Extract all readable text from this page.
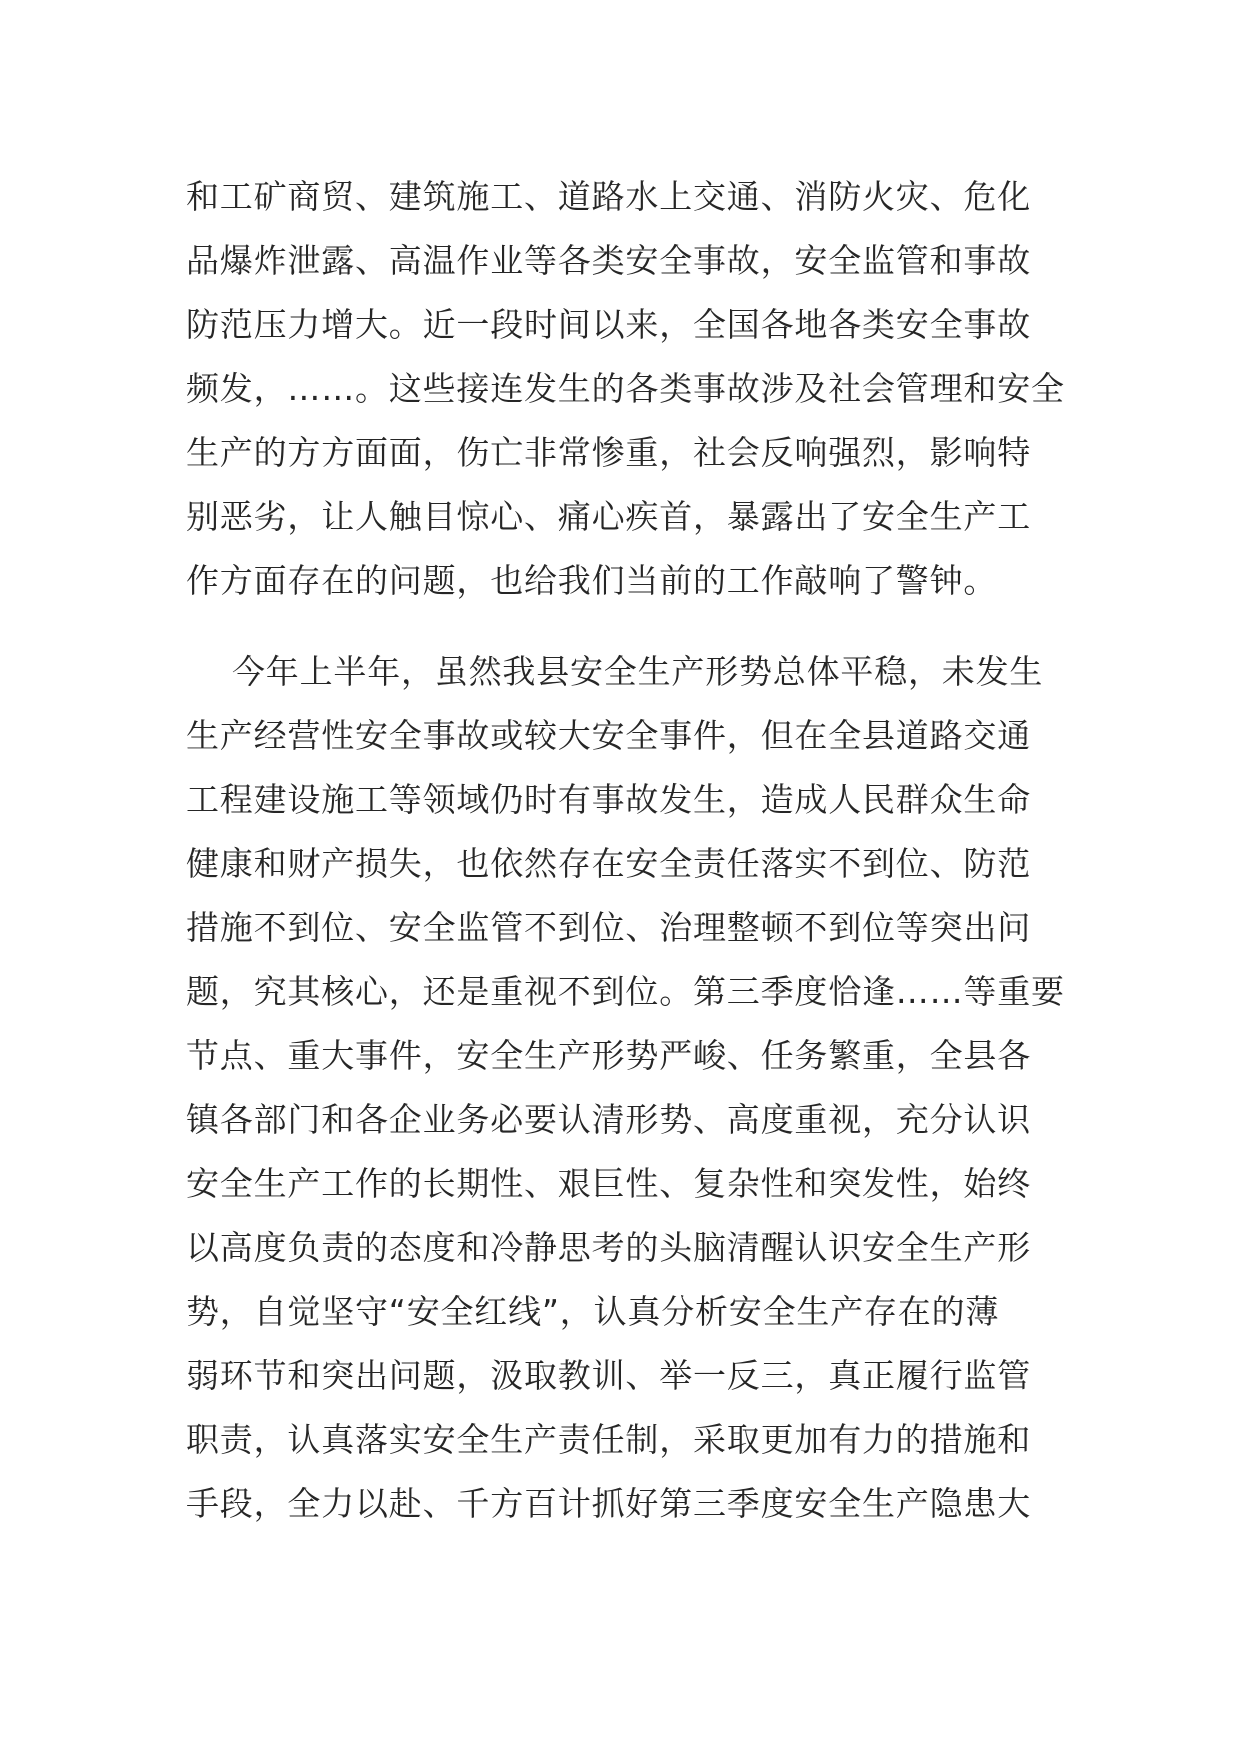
和工矿商贸、建筑施工、道路水上交通、消防火灾、危化
品爆炸泄露、高温作业等各类安全事故，安全监管和事故
防范压力增大。近一段时间以来，全国各地各类安全事故
频发，……。这些接连发生的各类事故涉及社会管理和安全
生产的方方面面，伤亡非常惨重，社会反响强烈，影响特
别恶劣，让人触目惊心、痛心疾首，暴露出了安全生产工
作方面存在的问题，也给我们当前的工作敲响了警钟。
今年上半年，虽然我县安全生产形势总体平稳，未发生
生产经营性安全事故或较大安全事件，但在全县道路交通
工程建设施工等领域仍时有事故发生，造成人民群众生命
健康和财产损失，也依然存在安全责任落实不到位、防范
措施不到位、安全监管不到位、治理整顿不到位等突出问
题，究其核心，还是重视不到位。第三季度恰逢……等重要
节点、重大事件，安全生产形势严峻、任务繁重，全县各
镇各部门和各企业务必要认清形势、高度重视，充分认识
安全生产工作的长期性、艰巨性、复杂性和突发性，始终
以高度负责的态度和冷静思考的头脑清醒认识安全生产形
势，自觉坚守“安全红线”，认真分析安全生产存在的薄
弱环节和突出问题，汲取教训、举一反三，真正履行监管
职责，认真落实安全生产责任制，采取更加有力的措施和
手段，全力以赴、千方百计抓好第三季度安全生产隐患大
